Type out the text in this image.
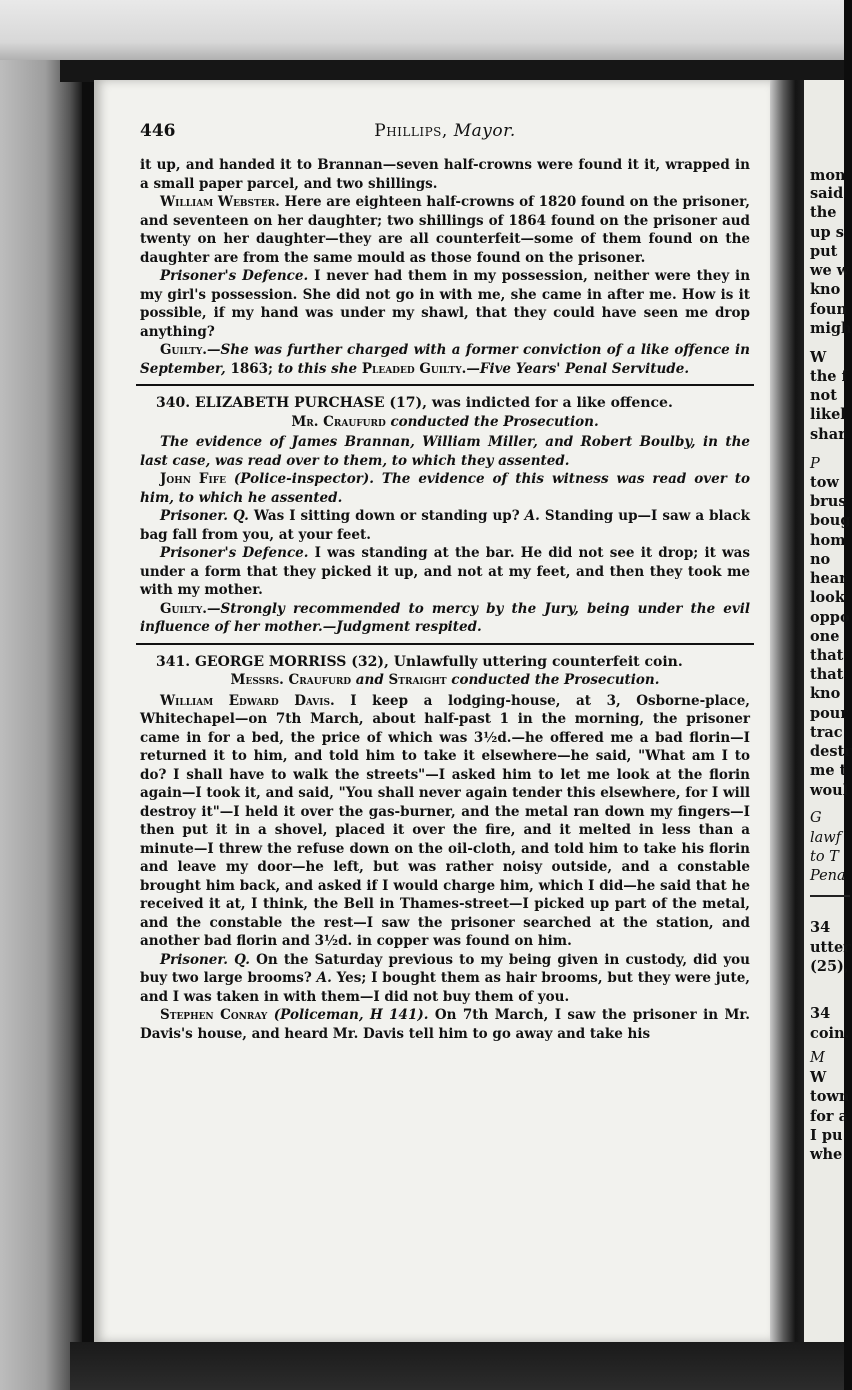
mon
said
the
up s
put
we w
kno
foun
migh
W
the f
not
likel
shar
P
tow
brus
boug
hom
no
hear
look
oppo
one
that
that
kno
pour
trac
destr
me t
woul
G
lawf
to T
Pena
34
utter
(25),
34
coin.
M
W
town
for a
I pu
whe
446	Phillips, Mayor.

it up, and handed it to Brannan—seven half-crowns were found it it, wrapped in a small paper parcel, and two shillings.

William Webster. Here are eighteen half-crowns of 1820 found on the prisoner, and seventeen on her daughter; two shillings of 1864 found on the prisoner aud twenty on her daughter—they are all counterfeit—some of them found on the daughter are from the same mould as those found on the prisoner.

Prisoner's Defence. I never had them in my possession, neither were they in my girl's possession. She did not go in with me, she came in after me. How is it possible, if my hand was under my shawl, that they could have seen me drop anything?

Guilty.—She was further charged with a former conviction of a like offence in September, 1863; to this she Pleaded Guilty.—Five Years' Penal Servitude.

340. ELIZABETH PURCHASE (17), was indicted for a like offence.

Mr. Craufurd conducted the Prosecution.

The evidence of James Brannan, William Miller, and Robert Boulby, in the last case, was read over to them, to which they assented.

John Fife (Police-inspector). The evidence of this witness was read over to him, to which he assented.

Prisoner. Q. Was I sitting down or standing up? A. Standing up—I saw a black bag fall from you, at your feet.

Prisoner's Defence. I was standing at the bar. He did not see it drop; it was under a form that they picked it up, and not at my feet, and then they took me with my mother.

Guilty.—Strongly recommended to mercy by the Jury, being under the evil influence of her mother.—Judgment respited.

341. GEORGE MORRISS (32), Unlawfully uttering counterfeit coin.

Messrs. Craufurd and Straight conducted the Prosecution.

William Edward Davis. I keep a lodging-house, at 3, Osborne-place, Whitechapel—on 7th March, about half-past 1 in the morning, the prisoner came in for a bed, the price of which was 3½d.—he offered me a bad florin—I returned it to him, and told him to take it elsewhere—he said, "What am I to do? I shall have to walk the streets"—I asked him to let me look at the florin again—I took it, and said, "You shall never again tender this elsewhere, for I will destroy it"—I held it over the gas-burner, and the metal ran down my fingers—I then put it in a shovel, placed it over the fire, and it melted in less than a minute—I threw the refuse down on the oil-cloth, and told him to take his florin and leave my door—he left, but was rather noisy outside, and a constable brought him back, and asked if I would charge him, which I did—he said that he received it at, I think, the Bell in Thames-street—I picked up part of the metal, and the constable the rest—I saw the prisoner searched at the station, and another bad florin and 3½d. in copper was found on him.

Prisoner. Q. On the Saturday previous to my being given in custody, did you buy two large brooms? A. Yes; I bought them as hair brooms, but they were jute, and I was taken in with them—I did not buy them of you.

Stephen Conray (Policeman, H 141). On 7th March, I saw the prisoner in Mr. Davis's house, and heard Mr. Davis tell him to go away and take his
